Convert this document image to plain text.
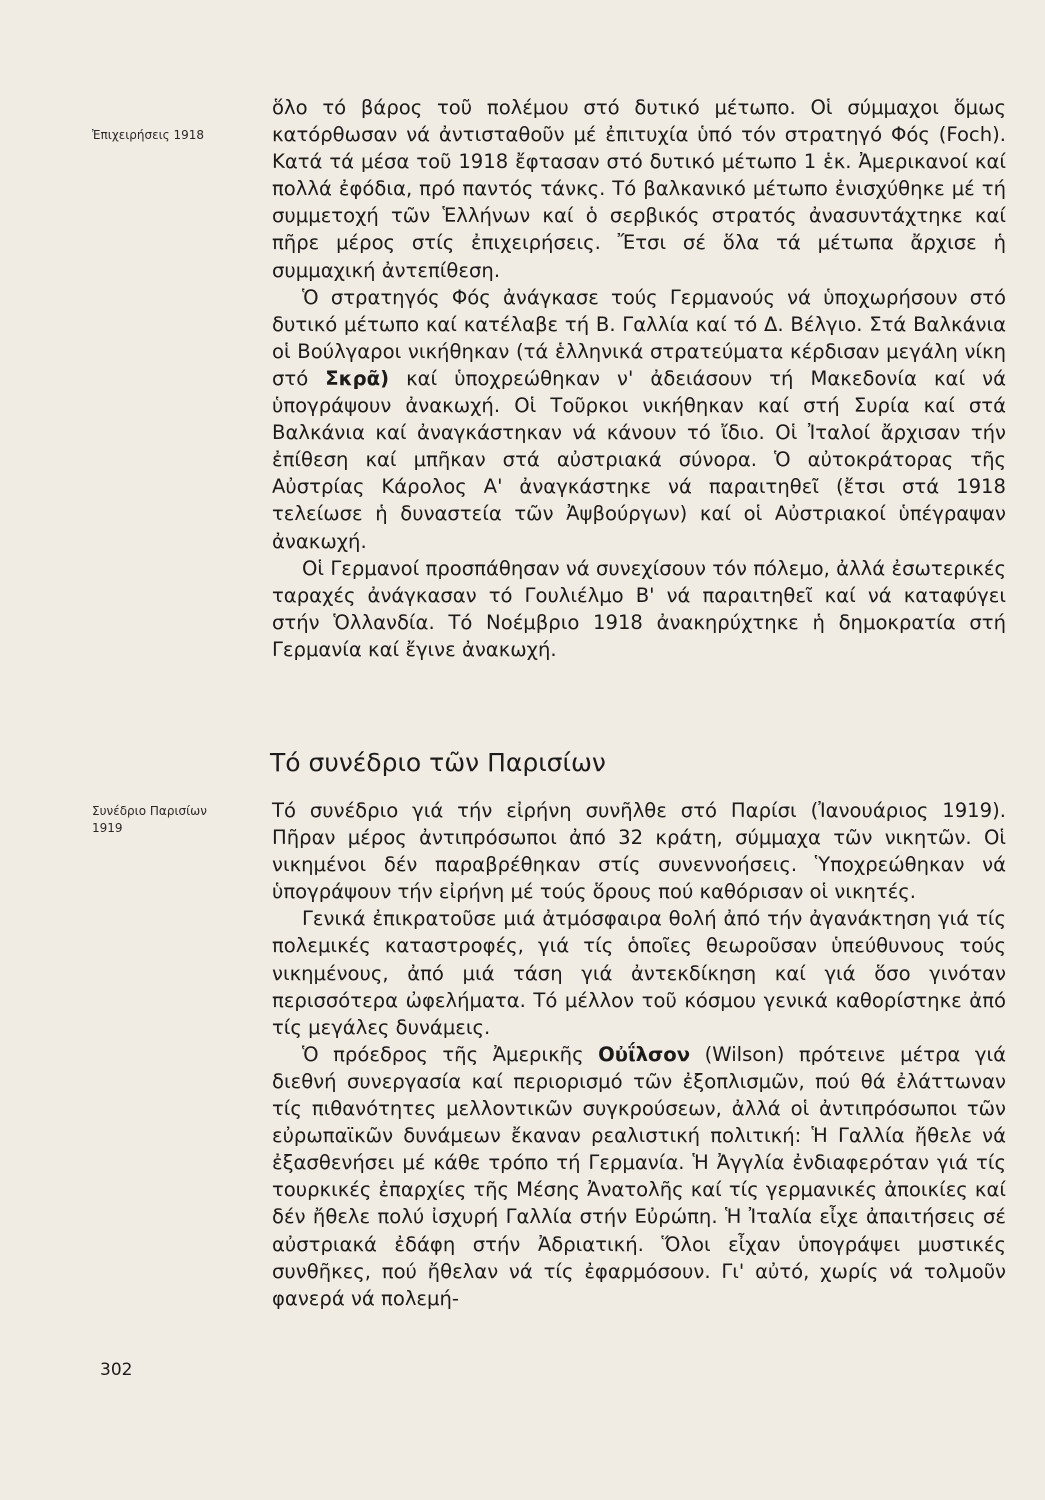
Ἐπιχειρήσεις 1918

ὅλο τό βάρος τοῦ πολέμου στό δυτικό μέτωπο. Οἱ σύμμαχοι ὅμως κατόρθωσαν νά ἀντισταθοῦν μέ ἐπιτυχία ὑπό τόν στρατηγό Φός (Foch). Κατά τά μέσα τοῦ 1918 ἔφτασαν στό δυτικό μέτωπο 1 ἑκ. Ἀμερικανοί καί πολλά ἐφόδια, πρό παντός τάνκς. Τό βαλκανικό μέτωπο ἐνισχύθηκε μέ τή συμμετοχή τῶν Ἑλλήνων καί ὁ σερβικός στρατός ἀνασυντάχτηκε καί πῆρε μέρος στίς ἐπιχειρήσεις. Ἔτσι σέ ὅλα τά μέτωπα ἄρχισε ἡ συμμαχική ἀντεπίθεση.

Ὁ στρατηγός Φός ἀνάγκασε τούς Γερμανούς νά ὑποχωρήσουν στό δυτικό μέτωπο καί κατέλαβε τή Β. Γαλλία καί τό Δ. Βέλγιο. Στά Βαλκάνια οἱ Βούλγαροι νικήθηκαν (τά ἑλληνικά στρατεύματα κέρδισαν μεγάλη νίκη στό Σκρᾶ) καί ὑποχρεώθηκαν ν' ἀδειάσουν τή Μακεδονία καί νά ὑπογράψουν ἀνακωχή. Οἱ Τοῦρκοι νικήθηκαν καί στή Συρία καί στά Βαλκάνια καί ἀναγκάστηκαν νά κάνουν τό ἴδιο. Οἱ Ἰταλοί ἄρχισαν τήν ἐπίθεση καί μπῆκαν στά αὐστριακά σύνορα. Ὁ αὐτοκράτορας τῆς Αὐστρίας Κάρολος Α' ἀναγκάστηκε νά παραιτηθεῖ (ἔτσι στά 1918 τελείωσε ἡ δυναστεία τῶν Ἀψβούργων) καί οἱ Αὐστριακοί ὑπέγραψαν ἀνακωχή.

Οἱ Γερμανοί προσπάθησαν νά συνεχίσουν τόν πόλεμο, ἀλλά ἐσωτερικές ταραχές ἀνάγκασαν τό Γουλιέλμο Β' νά παραιτηθεῖ καί νά καταφύγει στήν Ὁλλανδία. Τό Νοέμβριο 1918 ἀνακηρύχτηκε ἡ δημοκρατία στή Γερμανία καί ἔγινε ἀνακωχή.

Τό συνέδριο τῶν Παρισίων
Συνέδριο Παρισίων
1919

Τό συνέδριο γιά τήν εἰρήνη συνῆλθε στό Παρίσι (Ἰανουάριος 1919). Πῆραν μέρος ἀντιπρόσωποι ἀπό 32 κράτη, σύμμαχα τῶν νικητῶν. Οἱ νικημένοι δέν παραβρέθηκαν στίς συνεννοήσεις. Ὑποχρεώθηκαν νά ὑπογράψουν τήν εἰρήνη μέ τούς ὅρους πού καθόρισαν οἱ νικητές.

Γενικά ἐπικρατοῦσε μιά ἀτμόσφαιρα θολή ἀπό τήν ἀγανάκτηση γιά τίς πολεμικές καταστροφές, γιά τίς ὁποῖες θεωροῦσαν ὑπεύθυνους τούς νικημένους, ἀπό μιά τάση γιά ἀντεκδίκηση καί γιά ὅσο γινόταν περισσότερα ὠφελήματα. Τό μέλλον τοῦ κόσμου γενικά καθορίστηκε ἀπό τίς μεγάλες δυνάμεις.

Ὁ πρόεδρος τῆς Ἀμερικῆς Οὐΐλσον (Wilson) πρότεινε μέτρα γιά διεθνή συνεργασία καί περιορισμό τῶν ἐξοπλισμῶν, πού θά ἐλάττωναν τίς πιθανότητες μελλοντικῶν συγκρούσεων, ἀλλά οἱ ἀντιπρόσωποι τῶν εὐρωπαϊκῶν δυνάμεων ἔκαναν ρεαλιστική πολιτική: Ἡ Γαλλία ἤθελε νά ἐξασθενήσει μέ κάθε τρόπο τή Γερμανία. Ἡ Ἀγγλία ἐνδιαφερόταν γιά τίς τουρκικές ἐπαρχίες τῆς Μέσης Ἀνατολῆς καί τίς γερμανικές ἀποικίες καί δέν ἤθελε πολύ ἰσχυρή Γαλλία στήν Εὐρώπη. Ἡ Ἰταλία εἶχε ἀπαιτήσεις σέ αὐστριακά ἐδάφη στήν Ἀδριατική. Ὅλοι εἶχαν ὑπογράψει μυστικές συνθῆκες, πού ἤθελαν νά τίς ἐφαρμόσουν. Γι' αὐτό, χωρίς νά τολμοῦν φανερά νά πολεμή-

302
